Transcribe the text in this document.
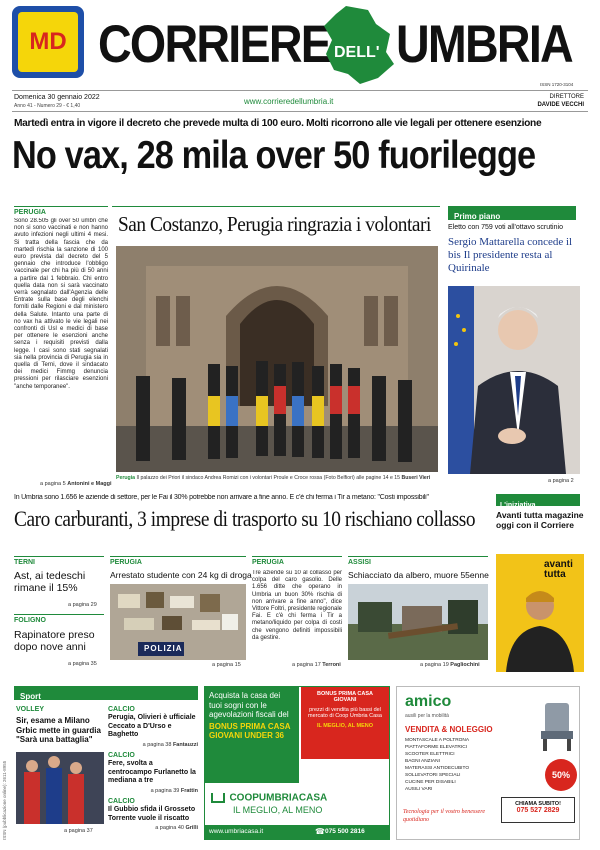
MD CORRIERE DELL' UMBRIA
ISSN 1720-3104
Domenica 30 gennaio 2022
Anno 41 - Numero 29 - € 1,40	www.corrieredellumbria.it	DIRETTORE
DAVIDE VECCHI
Martedì entra in vigore il decreto che prevede multa di 100 euro. Molti ricorrono alle vie legali per ottenere esenzione
No vax, 28 mila over 50 fuorilegge
PERUGIA
Sono 28.505 gli over 50 umbri che non si sono vaccinati e non hanno avuto infezioni negli ultimi 4 mesi. Si tratta della fascia che da martedì rischia la sanzione di 100 euro prevista dal decreto del 5 gennaio che introduce l'obbligo vaccinale per chi ha più di 50 anni a partire dal 1 febbraio. Chi entro quella data non si sarà vaccinato verrà segnalato dall'Agenzia delle Entrate sulla base degli elenchi forniti dalle Regioni e dal ministero della Salute. Intanto una parte di no vax ha attivato le vie legali nei confronti di Usl e medici di base per ottenere le esenzioni anche senza i requisiti previsti dalla legge. I casi sono stati segnalati sia nella provincia di Perugia sia in quella di Terni, dove il sindacato dei medici Fimmg denuncia pressioni per rilasciare esenzioni "anche temporanee".
a pagina 5 Antonini e Maggi
San Costanzo, Perugia ringrazia i volontari
Perugia Il palazzo dei Priori il sindaco Andrea Romizi con i volontari Proule e Croce rossa (Foto Belfiori) alle pagine 14 e 15 Buseri Vieri
Primo piano
Eletto con 759 voti all'ottavo scrutinio
Sergio Mattarella concede il bis Il presidente resta al Quirinale
a pagina 2
In Umbria sono 1.656 le aziende di settore, per le Fai il 30% potrebbe non arrivare a fine anno. E c'è chi ferma i Tir a metano: "Costi impossibili"
Caro carburanti, 3 imprese di trasporto su 10 rischiano collasso
L'iniziativa
Avanti tutta magazine oggi con il Corriere
avanti tutta
TERNI
Ast, ai tedeschi rimane il 15%
a pagina 29
FOLIGNO
Rapinatore preso dopo nove anni
a pagina 35
PERUGIA
Arrestato studente con 24 kg di droga
POLIZIA
a pagina 15
PERUGIA
Tre aziende su 10 al collasso per colpa del caro gasolio. Delle 1.656 ditte che operano in Umbria un buon 30% rischia di non arrivare a fine anno", dice Vittore Foltri, presidente regionale Fai. E c'è chi ferma i Tir a metano/liquido per colpa di costi che vengono definiti impossibili da gestire.
a pagina 17 Terroni
ASSISI
Schiacciato da albero, muore 55enne
a pagina 19 Pagliochini
Sport
VOLLEY
Sir, esame a Milano Grbic mette in guardia "Sarà una battaglia"
a pagina 37
CALCIO
Perugia, Olivieri è ufficiale Ceccato a D'Urso e Baghetto
a pagina 38 Fantauzzi
CALCIO
Fere, svolta a centrocampo Furlanetto la mediana a tre
a pagina 39 Frattin
CALCIO
Il Gubbio sfida il Grosseto Torrente vuole il riscatto
a pagina 40 Grilli
Acquista la casa dei tuoi sogni con le agevolazioni fiscali del
BONUS PRIMA CASA GIOVANI UNDER 36
BONUS PRIMA CASA GIOVANI
prezzi di vendita più bassi del mercato di Coop Umbria Casa
IL MEGLIO, AL MENO
COOPUMBRIACASA
IL MEGLIO, AL MENO
www.umbriacasa.it	☎ 075 500 2816
amico
ausili per la mobilità
VENDITA & NOLEGGIO
MONTASCALE A POLTRONA
PIATTAFORME ELEVATRICI
SCOOTER ELETTRICI
BAGNI ANZIANI
MATERASSI ANTIDECUBITO
SOLLEVATORI SPECIALI
CUCINE PER DISABILI
AUSILI VARI
50%
CHIAMA SUBITO!
075 527 2829
Tecnologia per il vostro benessere quotidiano
ISSN (pubblicazione online): 2611-8955
